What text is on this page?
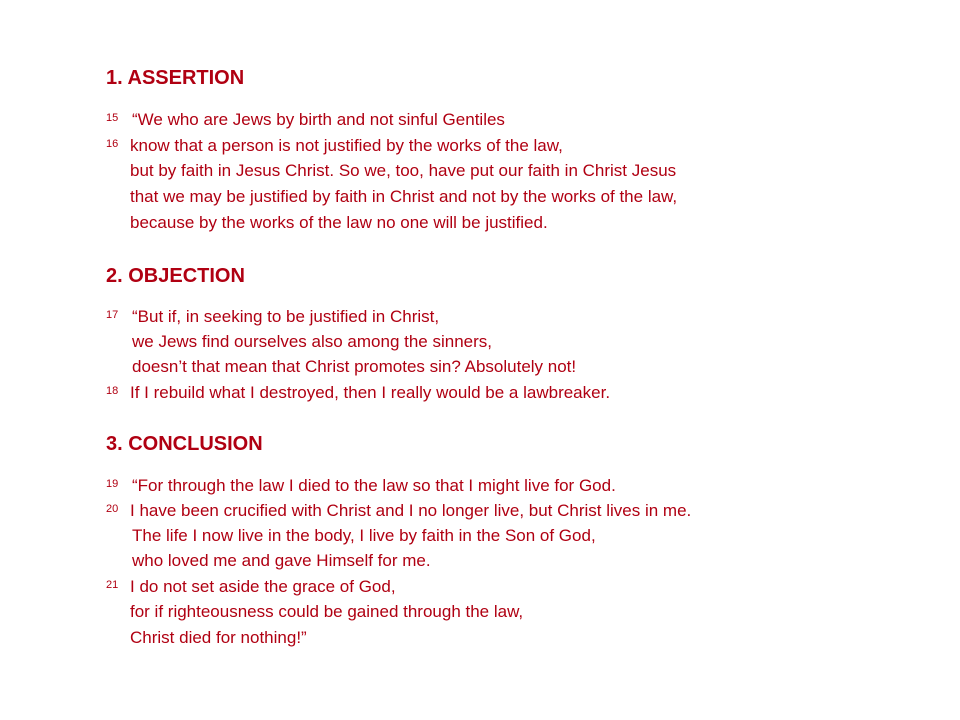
1. ASSERTION
15 “We who are Jews by birth and not sinful Gentiles
16 know that a person is not justified by the works of the law,
but by faith in Jesus Christ. So we, too, have put our faith in Christ Jesus
that we may be justified by faith in Christ and not by the works of the law,
because by the works of the law no one will be justified.
2. OBJECTION
17 “But if, in seeking to be justified in Christ,
we Jews find ourselves also among the sinners,
doesn’t that mean that Christ promotes sin? Absolutely not!
18 If I rebuild what I destroyed, then I really would be a lawbreaker.
3. CONCLUSION
19 “For through the law I died to the law so that I might live for God.
20 I have been crucified with Christ and I no longer live, but Christ lives in me.
The life I now live in the body, I live by faith in the Son of God,
who loved me and gave Himself for me.
21 I do not set aside the grace of God,
for if righteousness could be gained through the law,
Christ died for nothing!”
